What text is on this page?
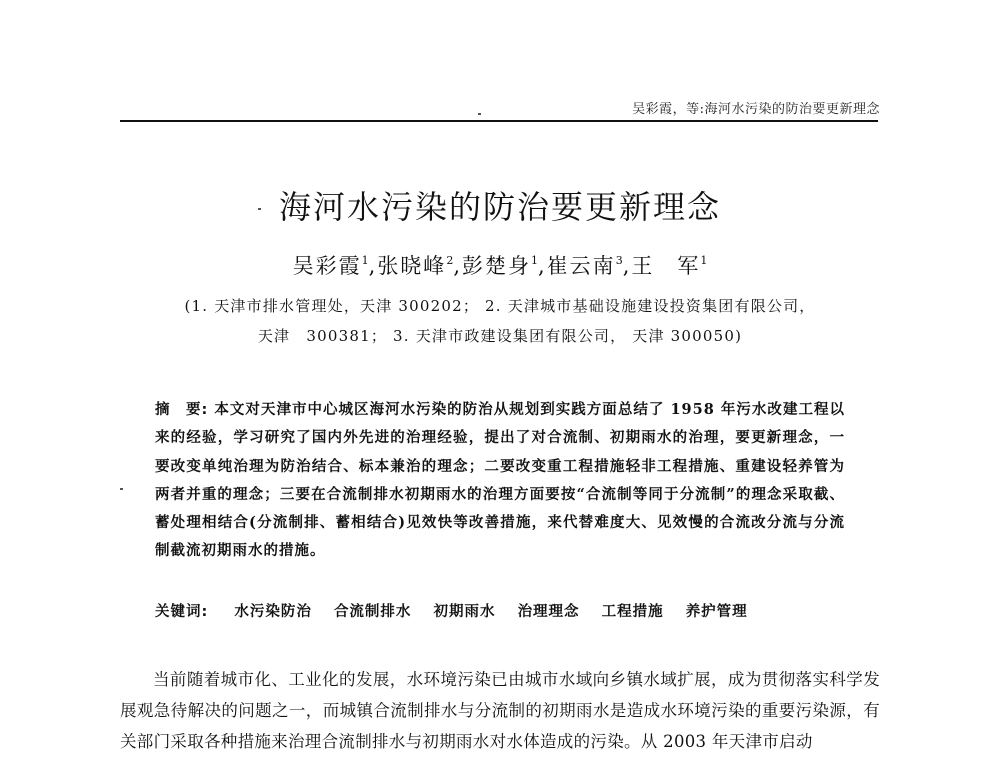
吴彩霞，等:海河水污染的防治要更新理念
海河水污染的防治要更新理念
吴彩霞$^1$,张晓峰$^2$,彭楚身$^1$,崔云南$^3$,王　军$^1$
(1. 天津市排水管理处，天津 300202； 2. 天津城市基础设施建设投资集团有限公司，
天津　300381； 3. 天津市政建设集团有限公司， 天津 300050)
摘　要: 本文对天津市中心城区海河水污染的防治从规划到实践方面总结了 1958 年污水改建工程以来的经验，学习研究了国内外先进的治理经验，提出了对合流制、初期雨水的治理，要更新理念，一要改变单纯治理为防治结合、标本兼治的理念；二要改变重工程措施轻非工程措施、重建设轻养管为两者并重的理念；三要在合流制排水初期雨水的治理方面要按“合流制等同于分流制”的理念采取截、蓄处理相结合(分流制排、蓄相结合)见效快等改善措施，来代替难度大、见效慢的合流改分流与分流制截流初期雨水的措施。
关键词: 水污染防治 合流制排水 初期雨水 治理理念 工程措施 养护管理
当前随着城市化、工业化的发展，水环境污染已由城市水域向乡镇水域扩展，成为贯彻落实科学发展观急待解决的问题之一，而城镇合流制排水与分流制的初期雨水是造成水环境污染的重要污染源，有关部门采取各种措施来治理合流制排水与初期雨水对水体造成的污染。从 2003 年天津市启动
